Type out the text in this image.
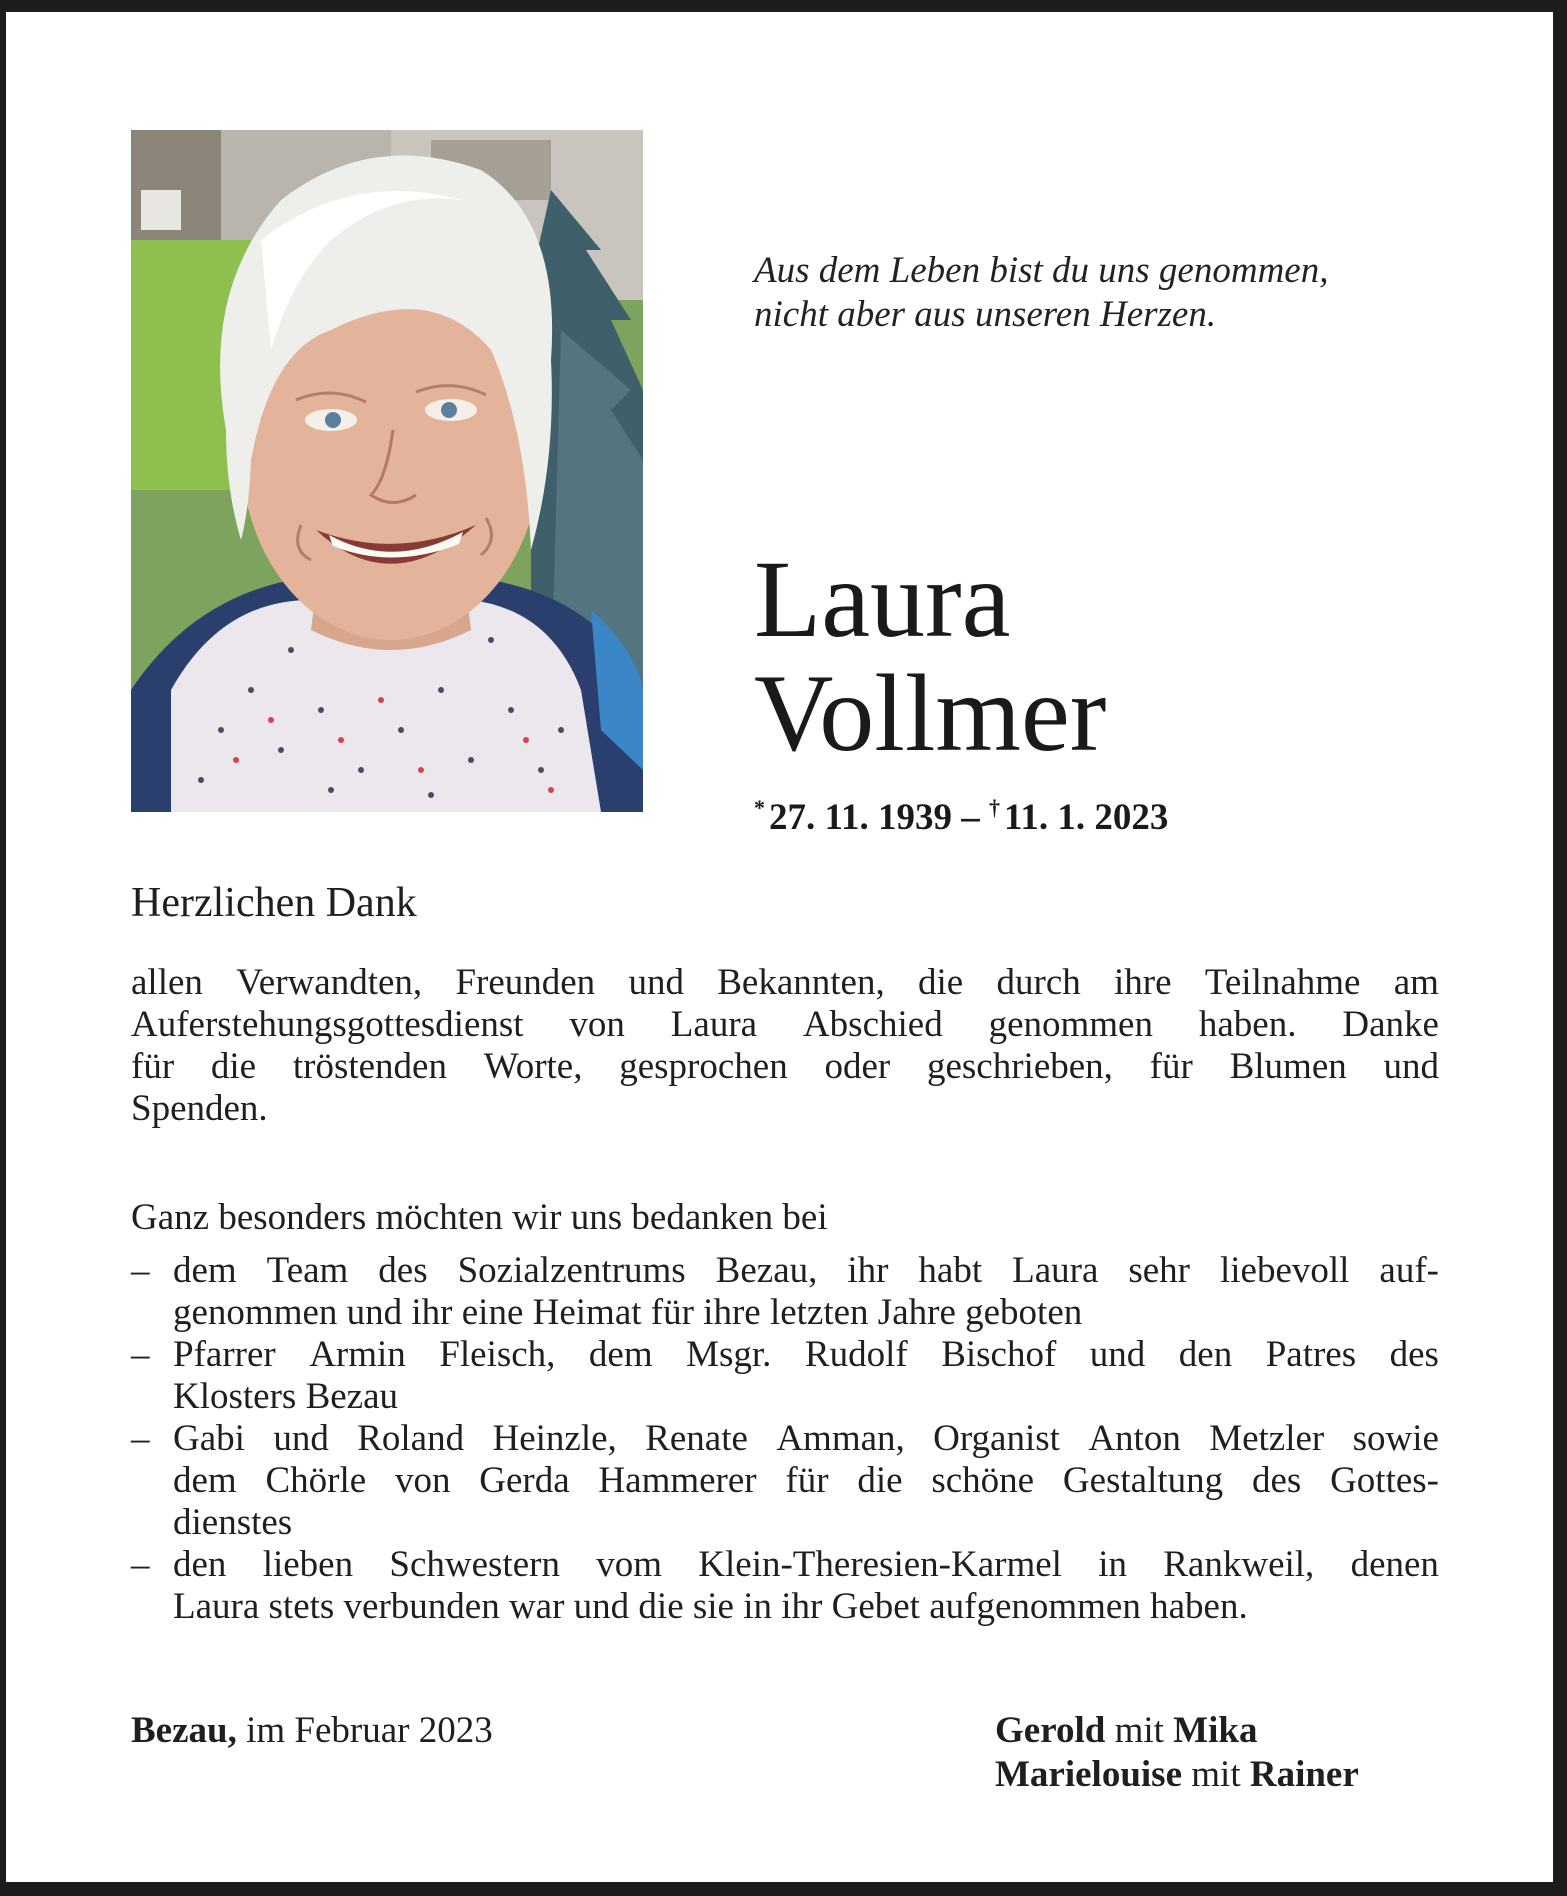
Aus dem Leben bist du uns genommen,
nicht aber aus unseren Herzen.
Laura
Vollmer
* 27. 11. 1939 – † 11. 1. 2023
Herzlichen Dank
allen Verwandten, Freunden und Bekannten, die durch ihre Teilnahme am
Auferstehungsgottesdienst von Laura Abschied genommen haben. Danke
für die tröstenden Worte, gesprochen oder geschrieben, für Blumen und
Spenden.
Ganz besonders möchten wir uns bedanken bei
– dem Team des Sozialzentrums Bezau, ihr habt Laura sehr liebevoll auf-
genommen und ihr eine Heimat für ihre letzten Jahre geboten
– Pfarrer Armin Fleisch, dem Msgr. Rudolf Bischof und den Patres des
Klosters Bezau
– Gabi und Roland Heinzle, Renate Amman, Organist Anton Metzler sowie
dem Chörle von Gerda Hammerer für die schöne Gestaltung des Gottes-
dienstes
– den lieben Schwestern vom Klein-Theresien-Karmel in Rankweil, denen
Laura stets verbunden war und die sie in ihr Gebet aufgenommen haben.
Bezau, im Februar 2023	Gerold mit Mika
Marielouise mit Rainer
